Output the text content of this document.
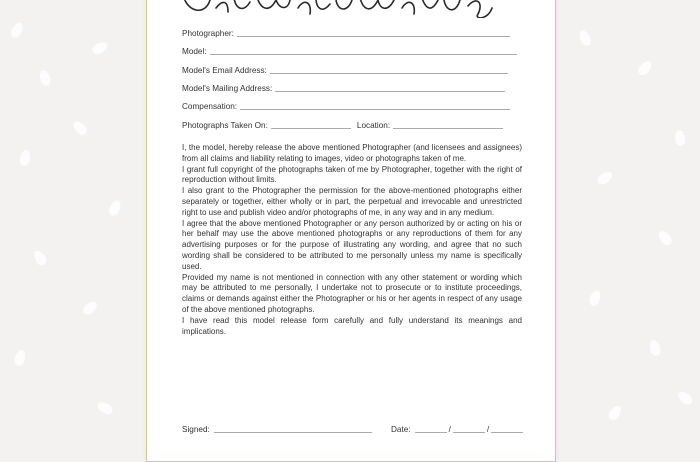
Photographer:
Model:
Model's Email Address:
Model's Mailing Address:
Compensation:
Photographs Taken On:	Location:

I, the model, hereby release the above mentioned Photographer (and licensees and assignees) from all claims and liability relating to images, video or photographs taken of me.

I grant full copyright of the photographs taken of me by Photographer, together with the right of reproduction without limits.

I also grant to the Photographer the permission for the above-mentioned photographs either separately or together, either wholly or in part, the perpetual and irrevocable and unrestricted right to use and publish video and/or photographs of me, in any way and in any medium.

I agree that the above mentioned Photographer or any person authorized by or acting on his or her behalf may use the above mentioned photographs or any reproductions of them for any advertising purposes or for the purpose of illustrating any wording, and agree that no such wording shall be considered to be attributed to me personally unless my name is specifically used.

Provided my name is not mentioned in connection with any other statement or wording which may be attributed to me personally, I undertake not to prosecute or to institute proceedings, claims or demands against either the Photographer or his or her agents in respect of any usage of the above mentioned photographs.

I have read this model release form carefully and fully understand its meanings and implications.

Signed:	Date:	/	/
